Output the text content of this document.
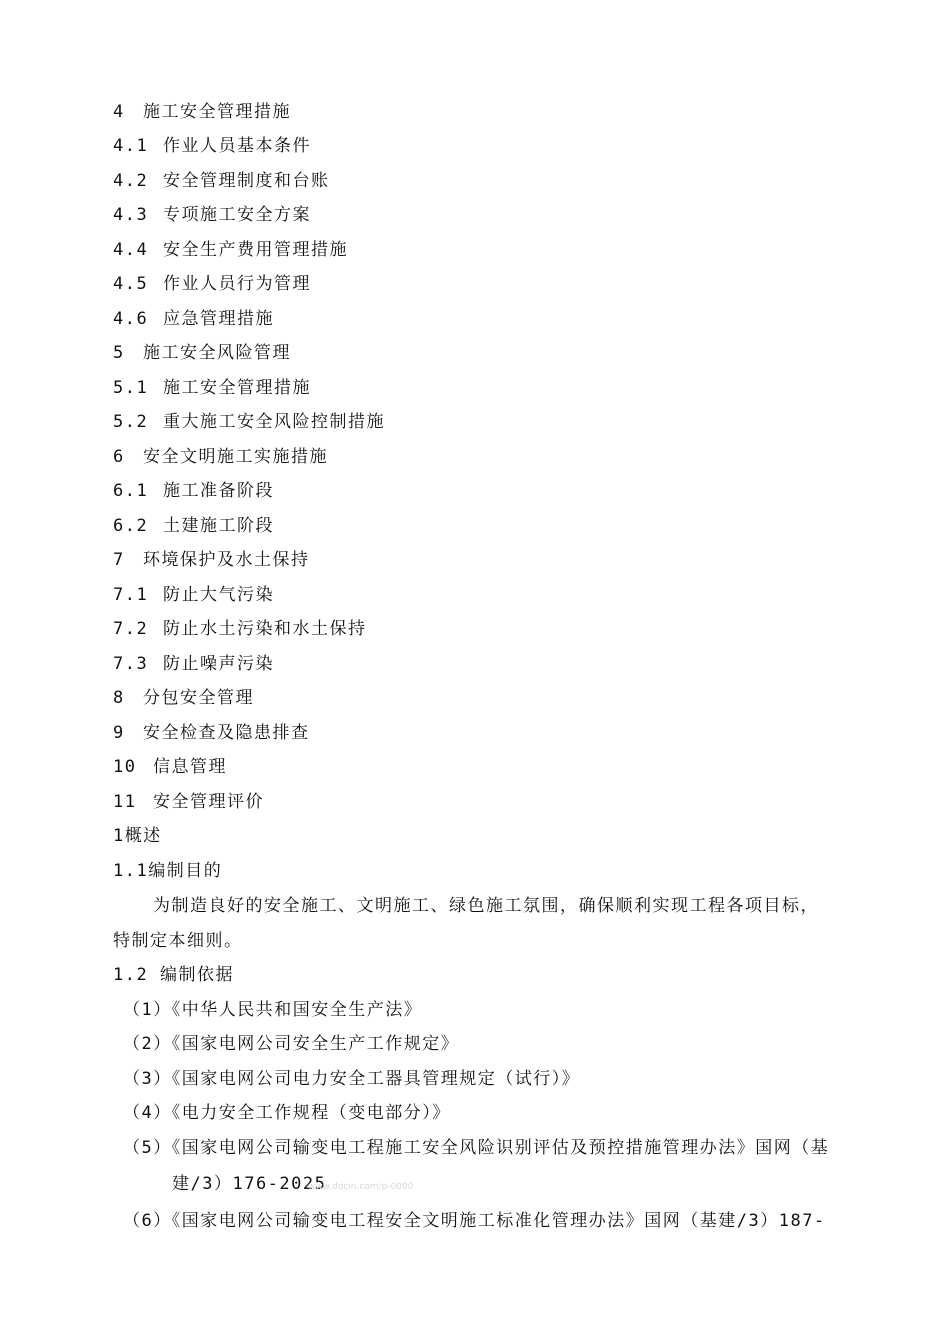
4 施工安全管理措施
4.1 作业人员基本条件
4.2 安全管理制度和台账
4.3 专项施工安全方案
4.4 安全生产费用管理措施
4.5 作业人员行为管理
4.6 应急管理措施
5 施工安全风险管理
5.1 施工安全管理措施
5.2 重大施工安全风险控制措施
6 安全文明施工实施措施
6.1 施工准备阶段
6.2 土建施工阶段
7 环境保护及水土保持
7.1 防止大气污染
7.2 防止水土污染和水土保持
7.3 防止噪声污染
8 分包安全管理
9 安全检查及隐患排查
10 信息管理
11 安全管理评价
1概述
1.1编制目的
为制造良好的安全施工、文明施工、绿色施工氛围，确保顺利实现工程各项目标，
特制定本细则。
1.2 编制依据
（1）《中华人民共和国安全生产法》
（2）《国家电网公司安全生产工作规定》
（3）《国家电网公司电力安全工器具管理规定（试行）》
（4）《电力安全工作规程（变电部分）》
（5）《国家电网公司输变电工程施工安全风险识别评估及预控措施管理办法》国网（基
建/3）176-2025
（6）《国家电网公司输变电工程安全文明施工标准化管理办法》国网（基建/3）187-
www.docin.com/p-0000
